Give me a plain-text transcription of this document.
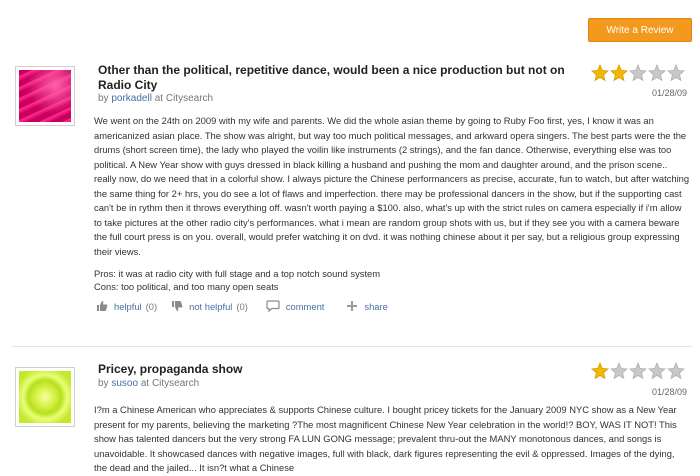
Write a Review
Other than the political, repetitive dance, would been a nice production but not on Radio City
by porkadell at Citysearch	01/28/09
We went on the 24th on 2009 with my wife and parents. We did the whole asian theme by going to Ruby Foo first, yes, I know it was an americanized asian place. The show was alright, but way too much political messages, and arkward opera singers. The best parts were the the drums (short screen time), the lady who played the voilin like instruments (2 strings), and the fan dance. Otherwise, everything else was too political. A New Year show with guys dressed in black killing a husband and pushing the mom and daughter around, and the prison scene.. really now, do we need that in a colorful show. I always picture the Chinese performancers as precise, accurate, fun to watch, but after watching the same thing for 2+ hrs, you do see a lot of flaws and imperfection. there may be professional dancers in the show, but if the supporting cast can't be in rythm then it throws everything off. wasn't worth paying a $100. also, what's up with the strict rules on camera especially if i'm allow to take pictures at the other radio city's performances. what i mean are random group shots with us, but if they see you with a camera beware the full court press is on you. overall, would prefer watching it on dvd. it was nothing chinese about it per say, but a religious group expressing their views.
Pros: it was at radio city with full stage and a top notch sound system
Cons: too political, and too many open seats
helpful (0)	not helpful (0)	comment	share
Pricey, propaganda show
by susoo at Citysearch
01/28/09
I?m a Chinese American who appreciates & supports Chinese culture. I bought pricey tickets for the January 2009 NYC show as a New Year present for my parents, believing the marketing ?The most magnificent Chinese New Year celebration in the world!? BOY, WAS IT NOT! This show has talented dancers but the very strong FA LUN GONG message; prevalent thru-out the MANY monotonous dances, and songs is unavoidable. It showcased dances with negative images, full with black, dark figures representing the evil & oppressed. Images of the dying, the dead and the jailed... It isn?t what a Chinese
